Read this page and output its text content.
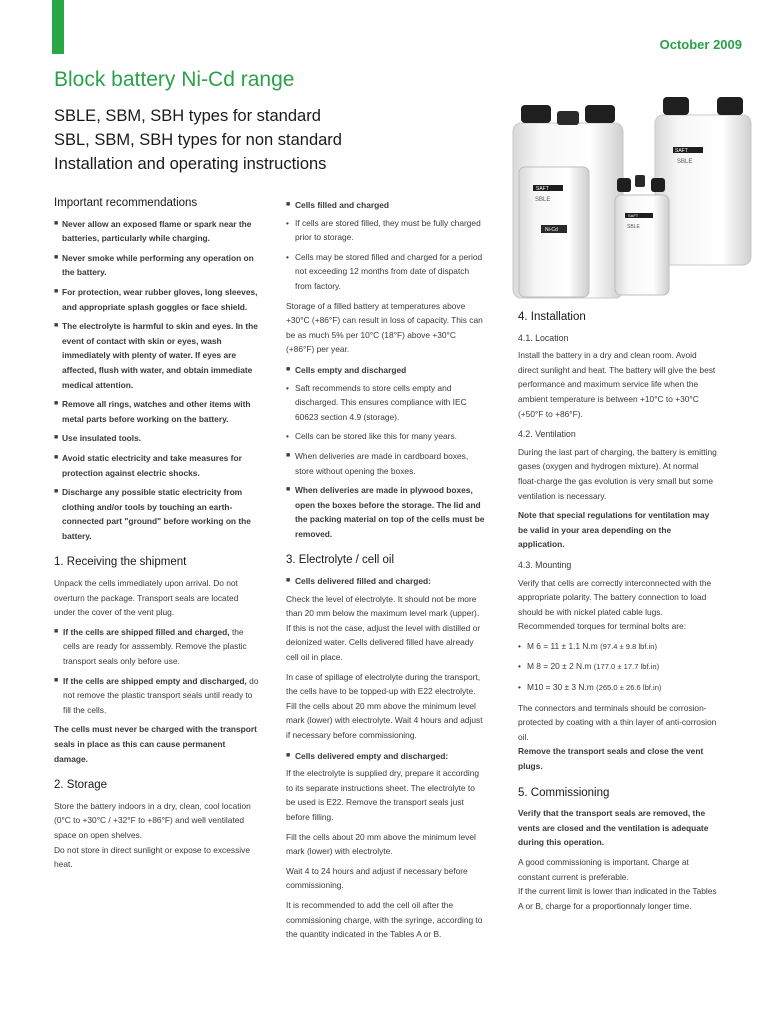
October 2009
Block battery Ni-Cd range
SBLE, SBM, SBH types for standard
SBL, SBM, SBH types for non standard
Installation and operating instructions
SAFT
SBLE
SAFT
SBLE
Ni-Cd
SAFT
SBLE
Important recommendations
■ Never allow an exposed flame or spark near the batteries, particularly while charging.
■ Never smoke while performing any operation on the battery.
■ For protection, wear rubber gloves, long sleeves, and appropriate splash goggles or face shield.
■ The electrolyte is harmful to skin and eyes. In the event of contact with skin or eyes, wash immediately with plenty of water. If eyes are affected, flush with water, and obtain immediate medical attention.
■ Remove all rings, watches and other items with metal parts before working on the battery.
■ Use insulated tools.
■ Avoid static electricity and take measures for protection against electric shocks.
■ Discharge any possible static electricity from clothing and/or tools by touching an earth-connected part "ground" before working on the battery.
1. Receiving the shipment

Unpack the cells immediately upon arrival. Do not overturn the package. Transport seals are located under the cover of the vent plug.

■ If the cells are shipped filled and charged, the cells are ready for asssembly. Remove the plastic transport seals only before use.
■ If the cells are shipped empty and discharged, do not remove the plastic transport seals until ready to fill the cells.

The cells must never be charged with the transport seals in place as this can cause permanent damage.

2. Storage

Store the battery indoors in a dry, clean, cool location (0°C to +30°C / +32°F to +86°F) and well ventilated space on open shelves.

Do not store in direct sunlight or expose to excessive heat.

■ Cells filled and charged
• If cells are stored filled, they must be fully charged prior to storage.
• Cells may be stored filled and charged for a period not exceeding 12 months from date of dispatch from factory.

Storage of a filled battery at temperatures above +30°C (+86°F) can result in loss of capacity. This can be as much 5% per 10°C (18°F) above +30°C (+86°F) per year.

■ Cells empty and discharged
• Saft recommends to store cells empty and discharged. This ensures compliance with IEC 60623 section 4.9 (storage).
• Cells can be stored like this for many years.
■ When deliveries are made in cardboard boxes, store without opening the boxes.
■ When deliveries are made in plywood boxes, open the boxes before the storage. The lid and the packing material on top of the cells must be removed.
3. Electrolyte / cell oil
■ Cells delivered filled and charged:

Check the level of electrolyte. It should not be more than 20 mm below the maximum level mark (upper). If this is not the case, adjust the level with distilled or deionized water. Cells delivered filled have already cell oil in place.

In case of spillage of electrolyte during the transport, the cells have to be topped-up with E22 electrolyte. Fill the cells about 20 mm above the minimum level mark (lower) with electrolyte. Wait 4 hours and adjust if necessary before commissioning.

■ Cells delivered empty and discharged:

If the electrolyte is supplied dry, prepare it according to its separate instructions sheet. The electrolyte to be used is E22. Remove the transport seals just before filling.

Fill the cells about 20 mm above the minimum level mark (lower) with electrolyte.

Wait 4 to 24 hours and adjust if necessary before commissioning.

It is recommended to add the cell oil after the commissioning charge, with the syringe, according to the quantity indicated in the Tables A or B.

4. Installation
4.1. Location

Install the battery in a dry and clean room. Avoid direct sunlight and heat. The battery will give the best performance and maximum service life when the ambient temperature is between +10°C to +30°C (+50°F to +86°F).

4.2. Ventilation

During the last part of charging, the battery is emitting gases (oxygen and hydrogen mixture). At normal float-charge the gas evolution is very small but some ventilation is necessary.

Note that special regulations for ventilation may be valid in your area depending on the application.

4.3. Mounting

Verify that cells are correctly interconnected with the appropriate polarity. The battery connection to load should be with nickel plated cable lugs. Recommended torques for terminal bolts are:

• M 6 = 11 ± 1.1 N.m (97.4 ± 9.8 lbf.in)
• M 8 = 20 ± 2 N.m (177.0 ± 17.7 lbf.in)
• M10 = 30 ± 3 N.m (265.0 ± 26.6 lbf.in)

The connectors and terminals should be corrosion-protected by coating with a thin layer of anti-corrosion oil.

Remove the transport seals and close the vent plugs.

5. Commissioning

Verify that the transport seals are removed, the vents are closed and the ventilation is adequate during this operation.

A good commissioning is important. Charge at constant current is preferable.

If the current limit is lower than indicated in the Tables A or B, charge for a proportionnaly longer time.
